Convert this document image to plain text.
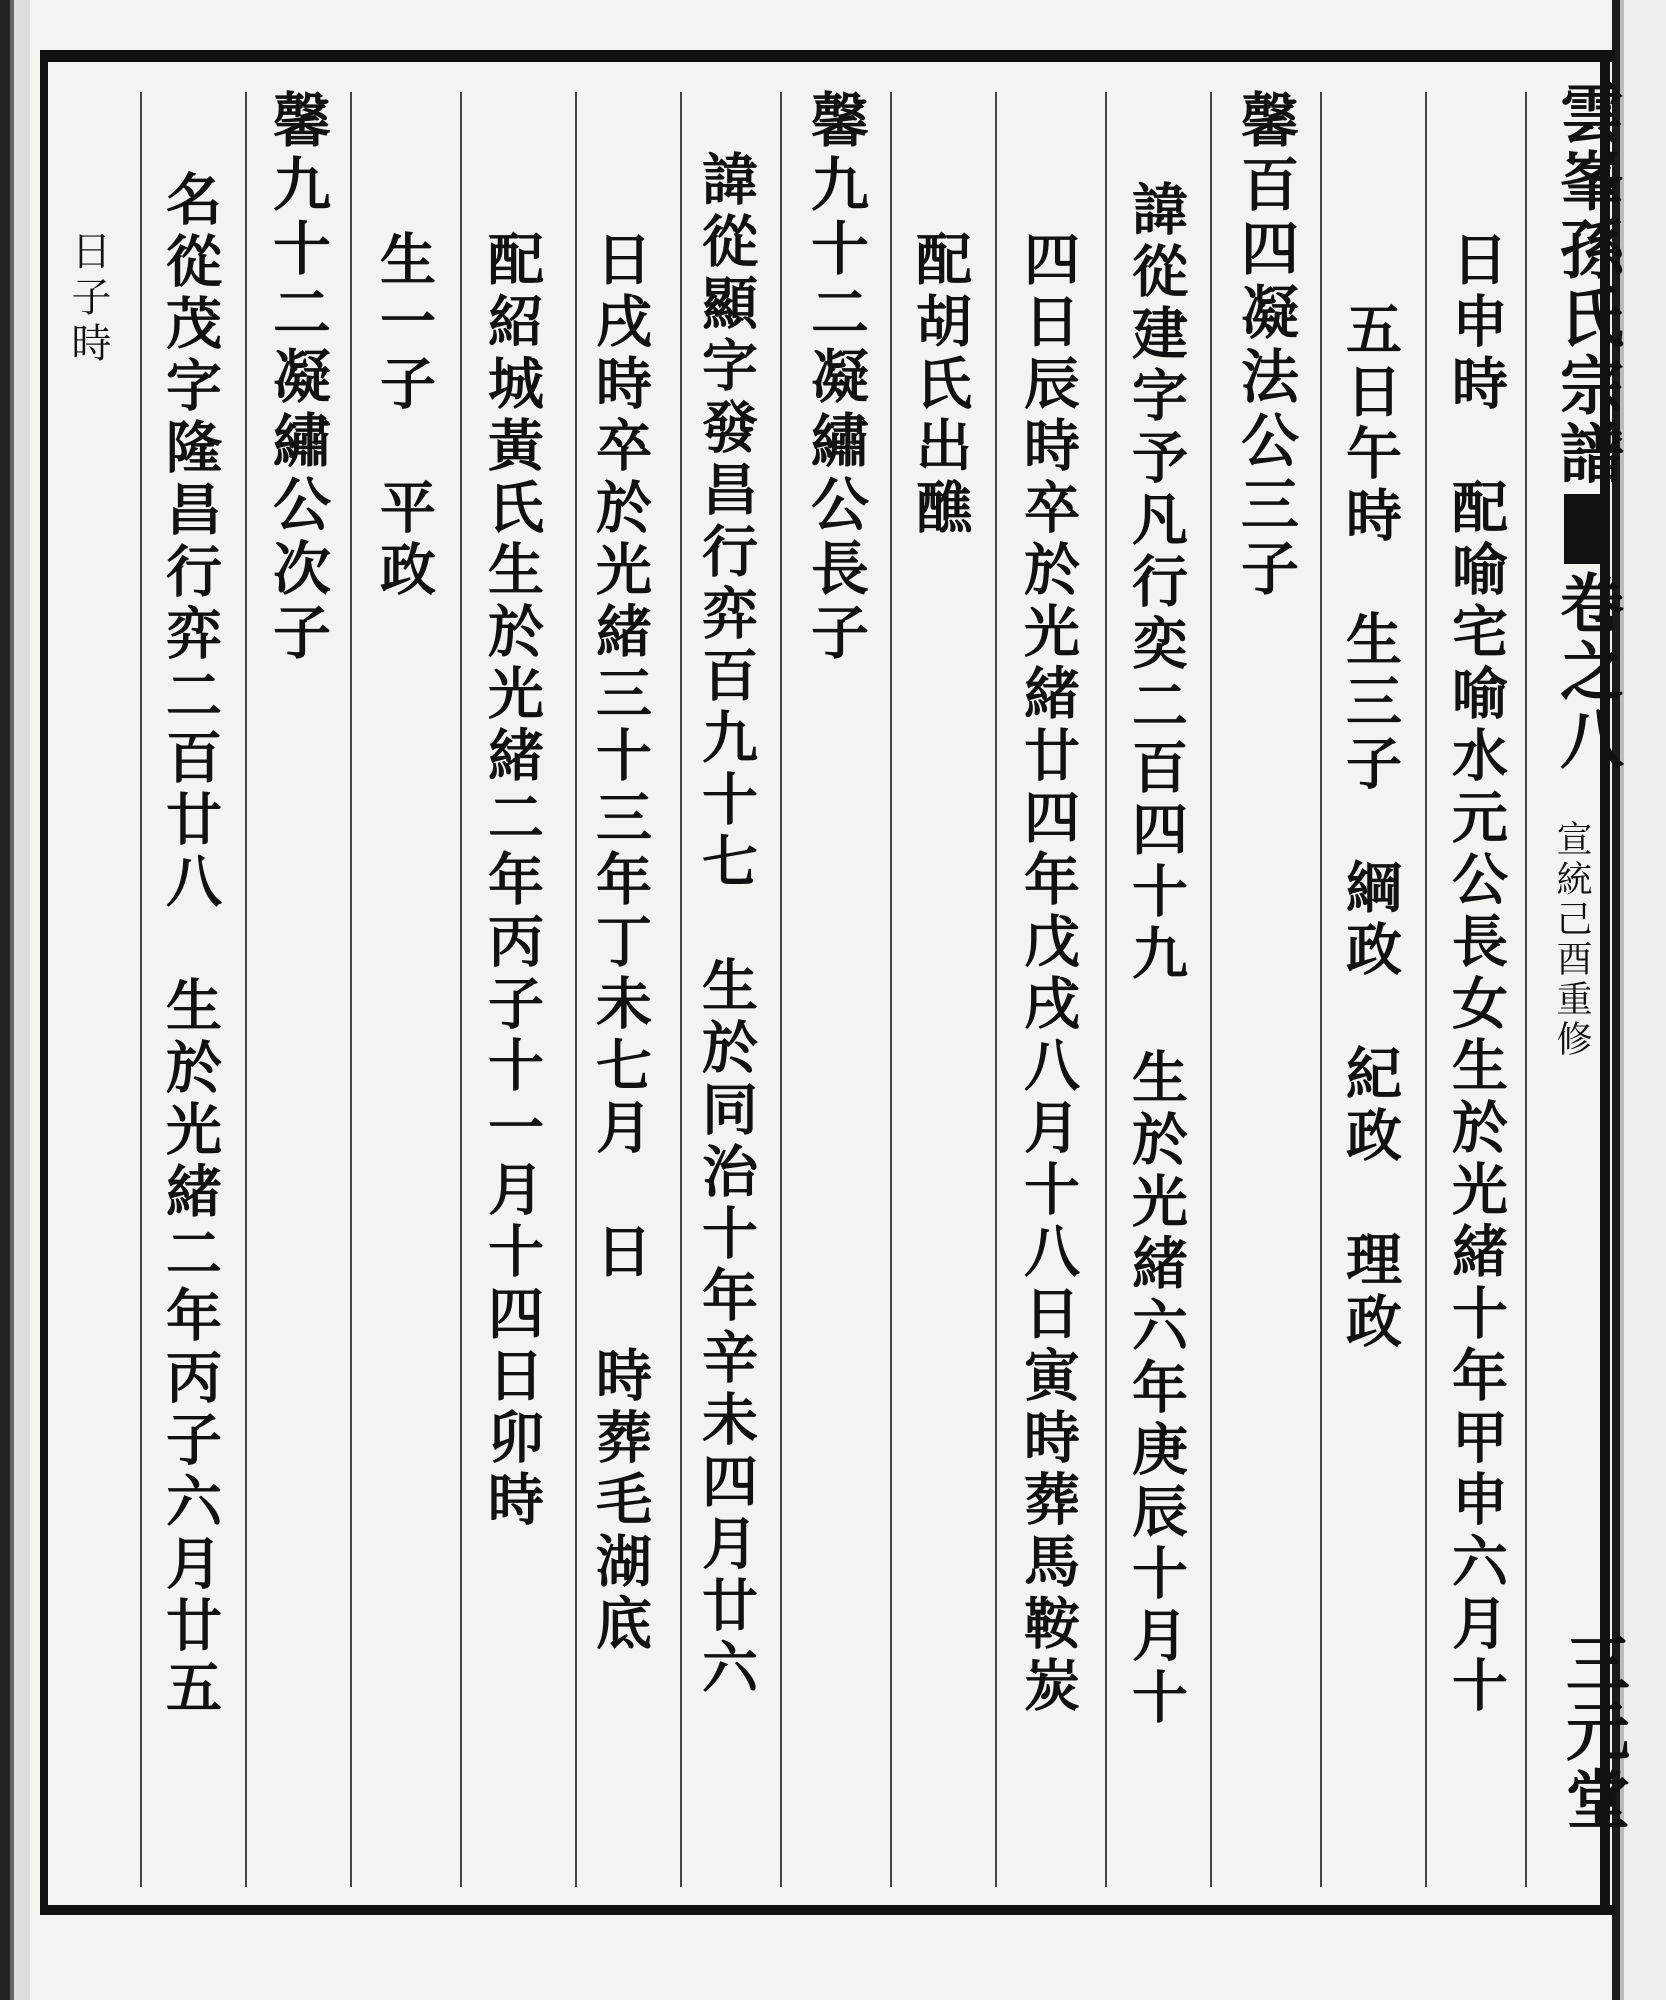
雲峯孫氏宗譜卷之八
宣統己酉重修
三元堂
日申時　配喻宅喻水元公長女生於光緒十年甲申六月十
五日午時　生三子　綱政　紀政　理政
馨百四凝法公三子
諱從建字予凡行奕二百四十九　生於光緒六年庚辰十月十
四日辰時卒於光緒廿四年戊戌八月十八日寅時葬馬鞍炭
配胡氏出醮
馨九十二凝繡公長子
諱從顯字發昌行弈百九十七　生於同治十年辛未四月廿六
日戌時卒於光緒三十三年丁未七月　日　時葬毛湖底
配紹城黃氏生於光緒二年丙子十一月十四日卯時
生一子　平政
馨九十二凝繡公次子
名從茂字隆昌行弈二百廿八　生於光緒二年丙子六月廿五
日子時
